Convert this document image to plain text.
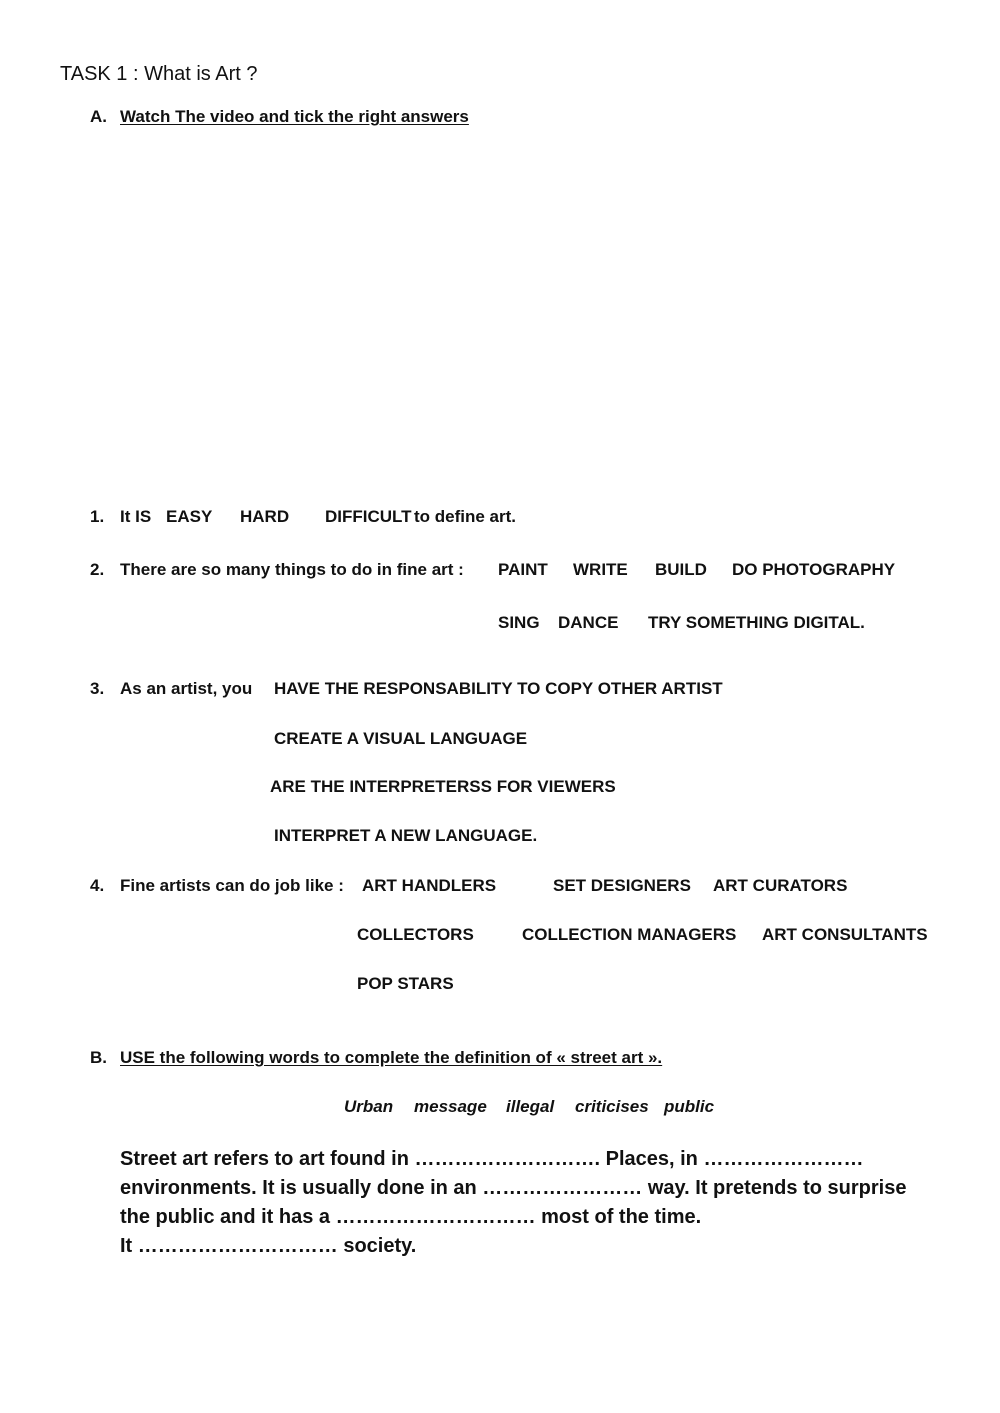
TASK 1 : What is Art ?
A. Watch The video and tick the right answers
1. It IS EASY HARD DIFFICULT to define art.
2. There are so many things to do in fine art : PAINT WRITE BUILD DO PHOTOGRAPHY
SING DANCE TRY SOMETHING DIGITAL.
3. As an artist, you HAVE THE RESPONSABILITY TO COPY OTHER ARTIST
CREATE A VISUAL LANGUAGE
ARE THE INTERPRETERSS FOR VIEWERS
INTERPRET A NEW LANGUAGE.
4. Fine artists can do job like : ART HANDLERS	SET DESIGNERS ART CURATORS
COLLECTORS	COLLECTION MANAGERS ART CONSULTANTS
POP STARS
B. USE the following words to complete the definition of « street art ».
Urban message illegal criticises public
Street art refers to art found in ………………………. Places, in ……………………
environments. It is usually done in an …………………… way. It pretends to surprise
the public and it has a ………………………… most of the time.
It ………………………… society.
